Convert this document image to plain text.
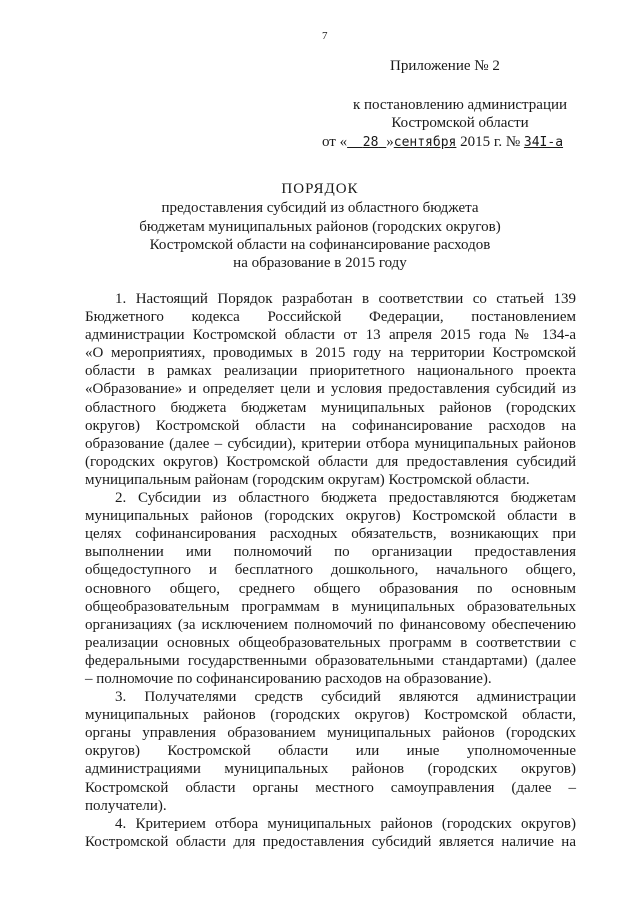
7
Приложение № 2
к постановлению администрации
Костромской области
от « 28 »сентября 2015 г. № 34I-а
ПОРЯДОК
предоставления субсидий из областного бюджета
бюджетам муниципальных районов (городских округов)
Костромской области на софинансирование расходов
на образование в 2015 году

1. Настоящий Порядок разработан в соответствии со статьей 139
Бюджетного кодекса Российской Федерации, постановлением
администрации Костромской области от 13 апреля 2015 года № 134-а
«О мероприятиях, проводимых в 2015 году на территории Костромской
области в рамках реализации приоритетного национального проекта
«Образование» и определяет цели и условия предоставления субсидий из
областного бюджета бюджетам муниципальных районов (городских
округов) Костромской области на софинансирование расходов на
образование (далее – субсидии), критерии отбора муниципальных районов
(городских округов) Костромской области для предоставления субсидий
муниципальным районам (городским округам) Костромской области.

2. Субсидии из областного бюджета предоставляются бюджетам
муниципальных районов (городских округов) Костромской области в
целях софинансирования расходных обязательств, возникающих при
выполнении ими полномочий по организации предоставления
общедоступного и бесплатного дошкольного, начального общего,
основного общего, среднего общего образования по основным
общеобразовательным программам в муниципальных образовательных
организациях (за исключением полномочий по финансовому обеспечению
реализации основных общеобразовательных программ в соответствии с
федеральными государственными образовательными стандартами) (далее
– полномочие по софинансированию расходов на образование).

3. Получателями средств субсидий являются администрации
муниципальных районов (городских округов) Костромской области,
органы управления образованием муниципальных районов (городских
округов) Костромской области или иные уполномоченные
администрациями муниципальных районов (городских округов)
Костромской области органы местного самоуправления (далее –
получатели).

4. Критерием отбора муниципальных районов (городских округов)
Костромской области для предоставления субсидий является наличие на
